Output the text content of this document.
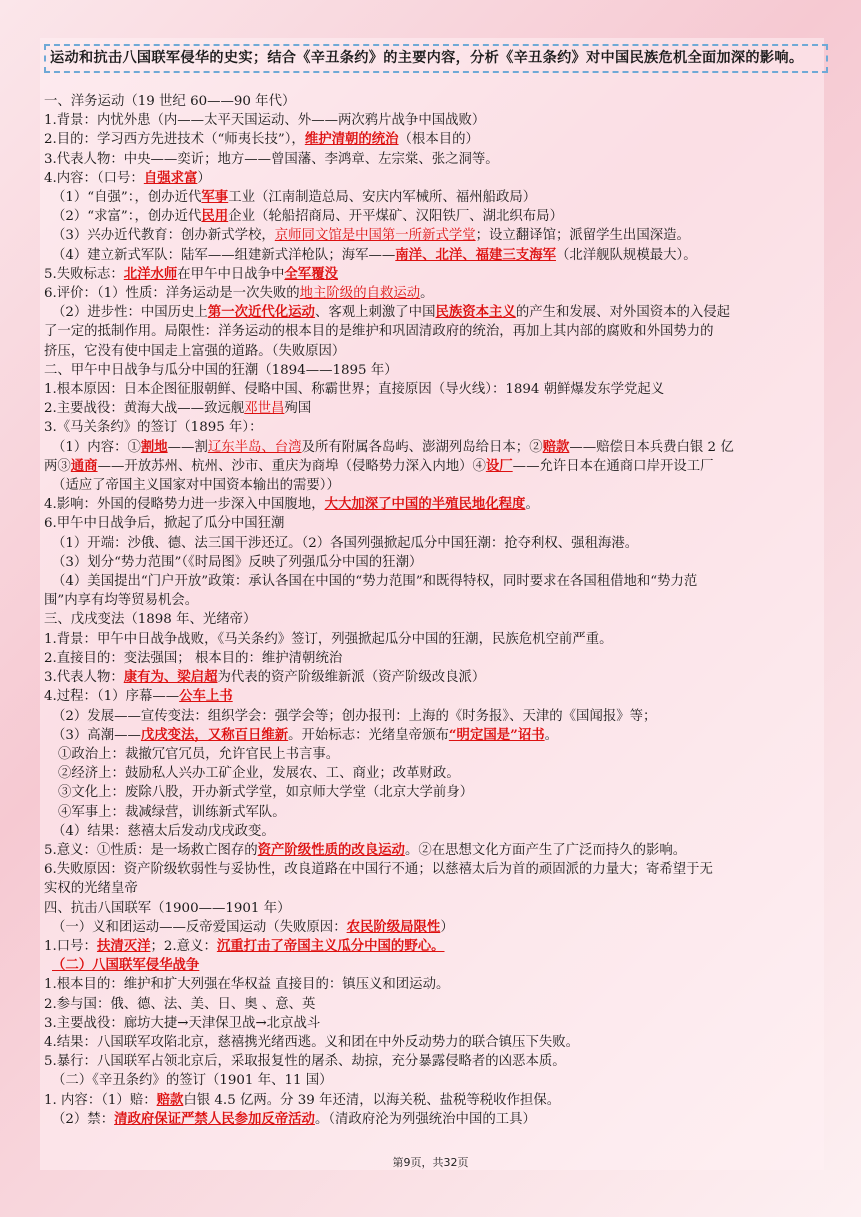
运动和抗击八国联军侵华的史实；结合《辛丑条约》的主要内容，分析《辛丑条约》对中国民族危机全面加深的影响。
一、洋务运动（19 世纪 60——90 年代）
1.背景：内忧外患（内——太平天国运动、外——两次鸦片战争中国战败）
2.目的：学习西方先进技术（“师夷长技”），维护清朝的统治（根本目的）
3.代表人物：中央——奕䜣；地方——曾国藩、李鸿章、左宗棠、张之洞等。
4.内容：（口号：自强求富）
（1）“自强”：，创办近代军事工业（江南制造总局、安庆内军械所、福州船政局）
（2）“求富”：，创办近代民用企业（轮船招商局、开平煤矿、汉阳铁厂、湖北织布局）
（3）兴办近代教育：创办新式学校，京师同文馆是中国第一所新式学堂；设立翻译馆；派留学生出国深造。
（4）建立新式军队：陆军——组建新式洋枪队；海军——南洋、北洋、福建三支海军（北洋舰队规模最大）。
5.失败标志：北洋水师在甲午中日战争中全军覆没
6.评价：（1）性质：洋务运动是一次失败的地主阶级的自救运动。
（2）进步性：中国历史上第一次近代化运动、客观上刺激了中国民族资本主义的产生和发展、对外国资本的入侵起
了一定的抵制作用。局限性：洋务运动的根本目的是维护和巩固清政府的统治，再加上其内部的腐败和外国势力的
挤压，它没有使中国走上富强的道路。（失败原因）
二、甲午中日战争与瓜分中国的狂潮（1894——1895 年）
1.根本原因：日本企图征服朝鲜、侵略中国、称霸世界；直接原因（导火线）：1894 朝鲜爆发东学党起义
2.主要战役：黄海大战——致远舰邓世昌殉国
3.《马关条约》的签订（1895 年）：
（1）内容：①割地——割辽东半岛、台湾及所有附属各岛屿、澎湖列岛给日本；②赔款——赔偿日本兵费白银 2 亿
两③通商——开放苏州、杭州、沙市、重庆为商埠（侵略势力深入内地）④设厂——允许日本在通商口岸开设工厂
（适应了帝国主义国家对中国资本输出的需要））
4.影响：外国的侵略势力进一步深入中国腹地，大大加深了中国的半殖民地化程度。
6.甲午中日战争后，掀起了瓜分中国狂潮
（1）开端：沙俄、德、法三国干涉还辽。（2）各国列强掀起瓜分中国狂潮：抢夺利权、强租海港。
（3）划分“势力范围”（《时局图》反映了列强瓜分中国的狂潮）
（4）美国提出“门户开放”政策：承认各国在中国的“势力范围”和既得特权，同时要求在各国租借地和“势力范
围”内享有均等贸易机会。
三、戊戌变法（1898 年、光绪帝）
1.背景：甲午中日战争战败，《马关条约》签订，列强掀起瓜分中国的狂潮，民族危机空前严重。
2.直接目的：变法强国； 根本目的：维护清朝统治
3.代表人物：康有为、梁启超为代表的资产阶级维新派（资产阶级改良派）
4.过程：（1）序幕——公车上书
（2）发展——宣传变法：组织学会：强学会等；创办报刊：上海的《时务报》、天津的《国闻报》等；
（3）高潮——戊戌变法，又称百日维新。开始标志：光绪皇帝颁布“明定国是”诏书。
①政治上：裁撤冗官冗员，允许官民上书言事。
②经济上：鼓励私人兴办工矿企业，发展农、工、商业；改革财政。
③文化上：废除八股，开办新式学堂，如京师大学堂（北京大学前身）
④军事上：裁减绿营，训练新式军队。
（4）结果：慈禧太后发动戊戌政变。
5.意义：①性质：是一场救亡图存的资产阶级性质的改良运动。②在思想文化方面产生了广泛而持久的影响。
6.失败原因：资产阶级软弱性与妥协性，改良道路在中国行不通；以慈禧太后为首的顽固派的力量大；寄希望于无
实权的光绪皇帝
四、抗击八国联军（1900——1901 年）
（一）义和团运动——反帝爱国运动（失败原因：农民阶级局限性）
1.口号：扶清灭洋；2.意义：沉重打击了帝国主义瓜分中国的野心。
（二）八国联军侵华战争
1.根本目的：维护和扩大列强在华权益 直接目的：镇压义和团运动。
2.参与国：俄、德、法、美、日、奥 、意、英
3.主要战役：廊坊大捷→天津保卫战→北京战斗
4.结果：八国联军攻陷北京，慈禧携光绪西逃。义和团在中外反动势力的联合镇压下失败。
5.暴行：八国联军占领北京后，采取报复性的屠杀、劫掠，充分暴露侵略者的凶恶本质。
（二）《辛丑条约》的签订（1901 年、11 国）
1. 内容：（1）赔：赔款白银 4.5 亿两。分 39 年还清，以海关税、盐税等税收作担保。
（2）禁：清政府保证严禁人民参加反帝活动。（清政府沦为列强统治中国的工具）
第9页，共32页
